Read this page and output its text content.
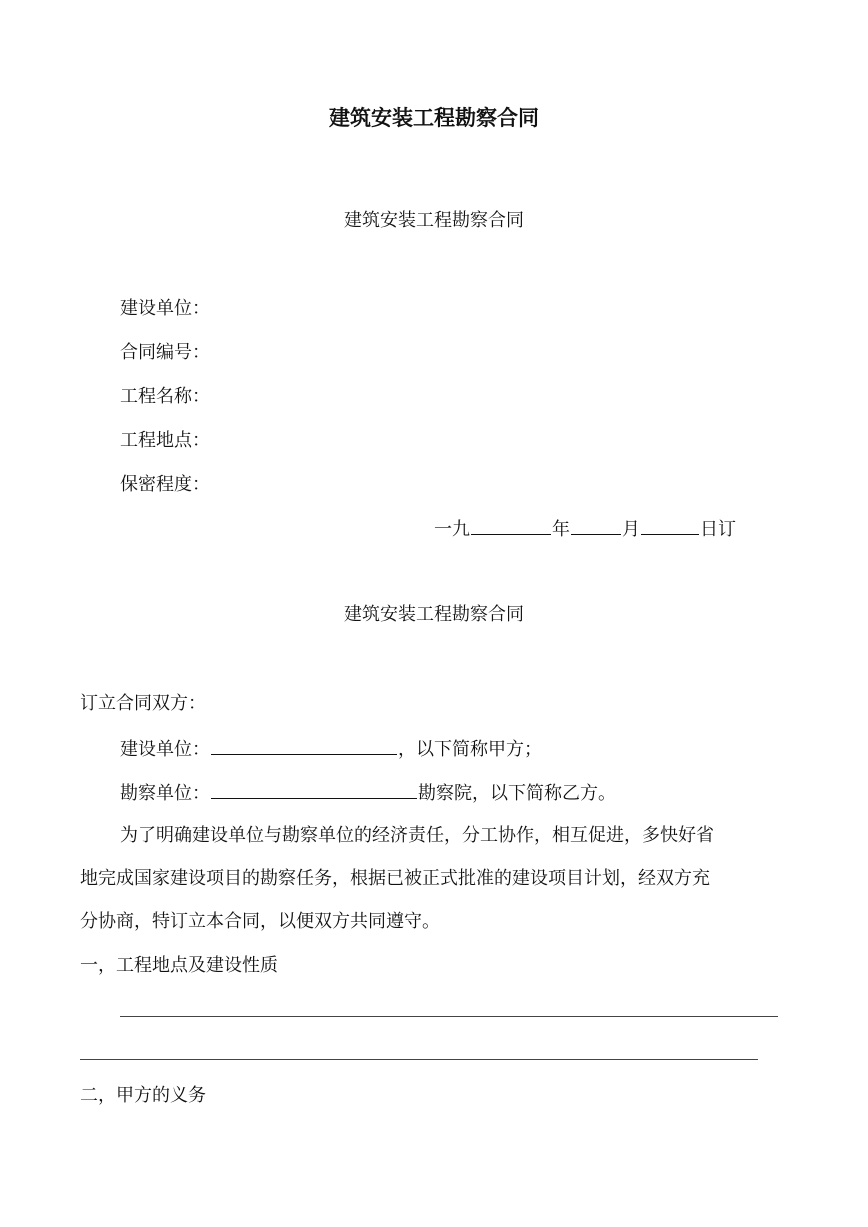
建筑安装工程勘察合同
建筑安装工程勘察合同
建设单位：
合同编号：
工程名称：
工程地点：
保密程度：
一九	年	月	日订
建筑安装工程勘察合同
订立合同双方：
建设单位：	，以下简称甲方；
勘察单位：	勘察院，以下简称乙方。
为了明确建设单位与勘察单位的经济责任，分工协作，相互促进，多快好省
地完成国家建设项目的勘察任务，根据已被正式批准的建设项目计划，经双方充
分协商，特订立本合同，以便双方共同遵守。
一，工程地点及建设性质
二，甲方的义务
